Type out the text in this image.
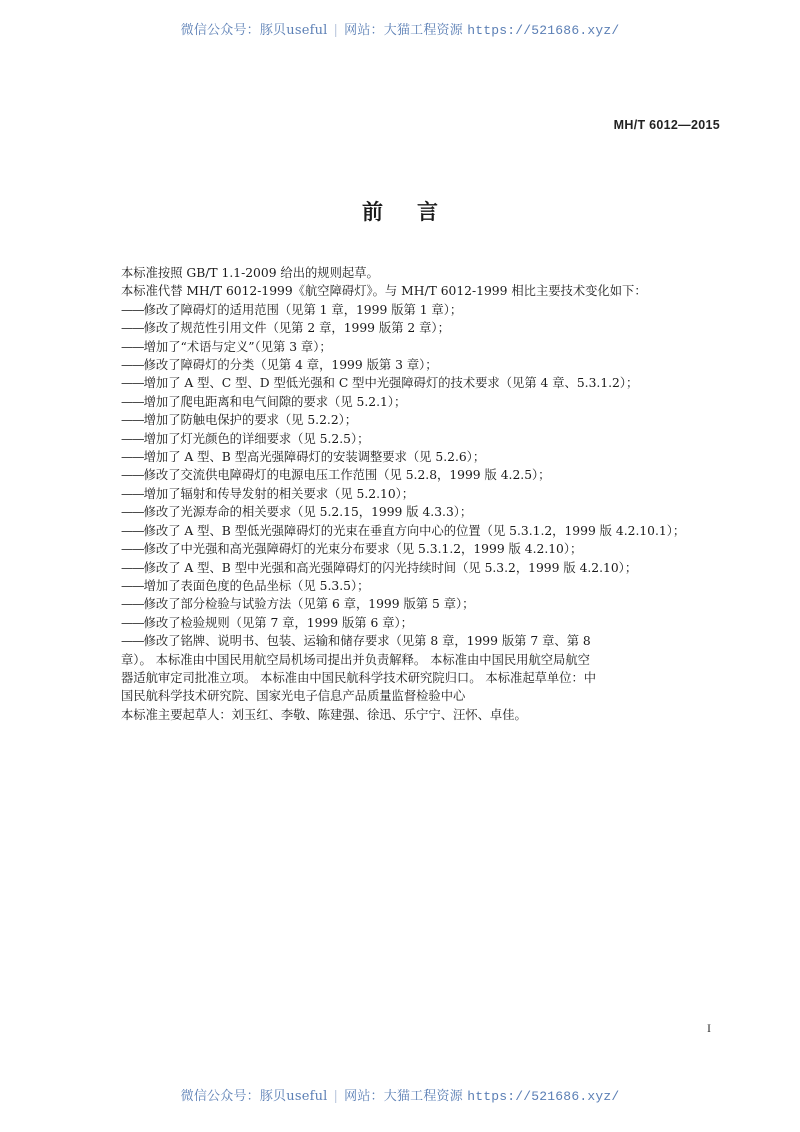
微信公众号：豚贝useful | 网站：大猫工程资源 https://521686.xyz/
MH/T 6012—2015
前言
本标准按照 GB/T 1.1-2009 给出的规则起草。
本标准代替 MH/T 6012-1999《航空障碍灯》。与 MH/T 6012-1999 相比主要技术变化如下：
——修改了障碍灯的适用范围（见第 1 章，1999 版第 1 章）；
——修改了规范性引用文件（见第 2 章，1999 版第 2 章）；
——增加了“术语与定义”（见第 3 章）；
——修改了障碍灯的分类（见第 4 章，1999 版第 3 章）；
——增加了 A 型、C 型、D 型低光强和 C 型中光强障碍灯的技术要求（见第 4 章、5.3.1.2）；
——增加了爬电距离和电气间隙的要求（见 5.2.1）；
——增加了防触电保护的要求（见 5.2.2）；
——增加了灯光颜色的详细要求（见 5.2.5）；
——增加了 A 型、B 型高光强障碍灯的安装调整要求（见 5.2.6）；
——修改了交流供电障碍灯的电源电压工作范围（见 5.2.8，1999 版 4.2.5）；
——增加了辐射和传导发射的相关要求（见 5.2.10）；
——修改了光源寿命的相关要求（见 5.2.15，1999 版 4.3.3）；
——修改了 A 型、B 型低光强障碍灯的光束在垂直方向中心的位置（见 5.3.1.2，1999 版 4.2.10.1）；
——修改了中光强和高光强障碍灯的光束分布要求（见 5.3.1.2，1999 版 4.2.10）；
——修改了 A 型、B 型中光强和高光强障碍灯的闪光持续时间（见 5.3.2，1999 版 4.2.10）；
——增加了表面色度的色品坐标（见 5.3.5）；
——修改了部分检验与试验方法（见第 6 章，1999 版第 5 章）；
——修改了检验规则（见第 7 章，1999 版第 6 章）；
——修改了铭牌、说明书、包装、运输和储存要求（见第 8 章，1999 版第 7 章、第 8
章）。 本标准由中国民用航空局机场司提出并负责解释。 本标准由中国民用航空局航空
器适航审定司批准立项。 本标准由中国民航科学技术研究院归口。 本标准起草单位：中
国民航科学技术研究院、国家光电子信息产品质量监督检验中心
本标准主要起草人：刘玉红、李敬、陈建强、徐迅、乐宁宁、汪怀、卓佳。
I
微信公众号：豚贝useful | 网站：大猫工程资源 https://521686.xyz/
